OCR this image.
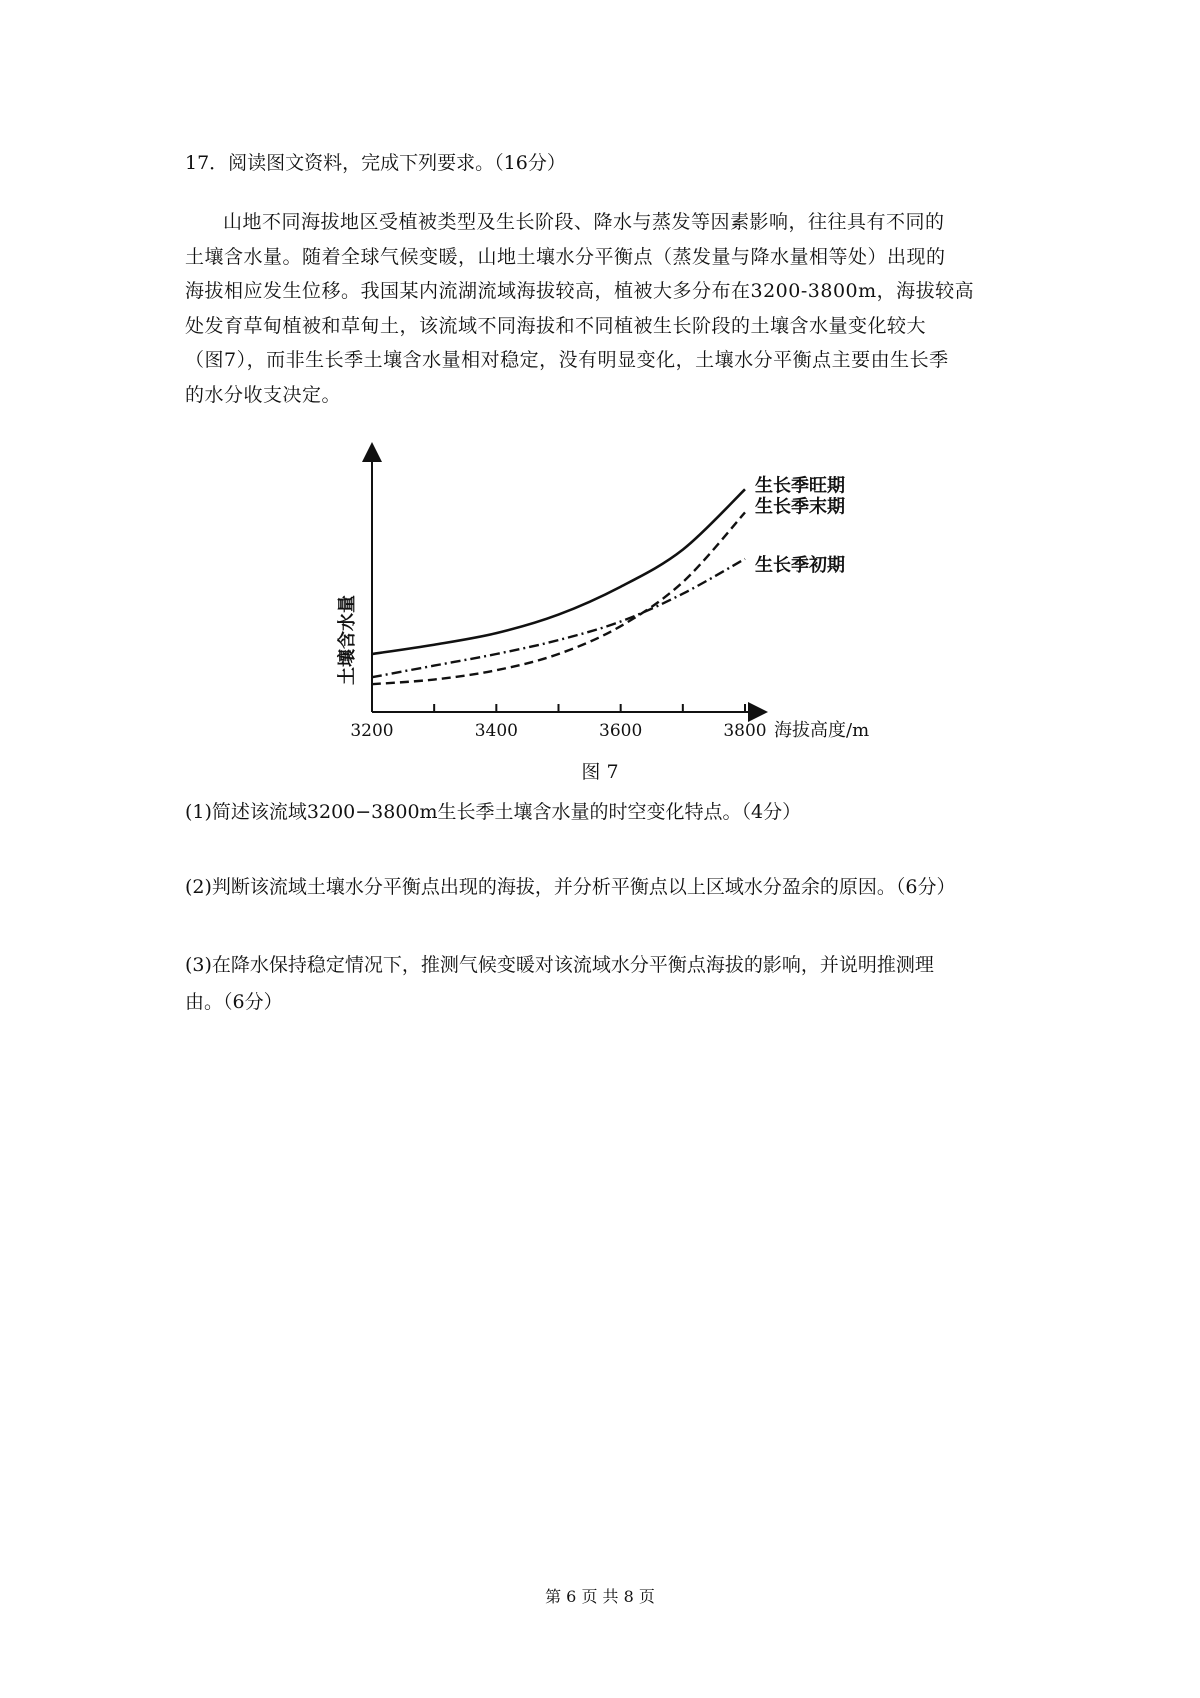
17．阅读图文资料，完成下列要求。（16分）
山地不同海拔地区受植被类型及生长阶段、降水与蒸发等因素影响，往往具有不同的
土壤含水量。随着全球气候变暖，山地土壤水分平衡点（蒸发量与降水量相等处）出现的
海拔相应发生位移。我国某内流湖流域海拔较高，植被大多分布在3200-3800m，海拔较高
处发育草甸植被和草甸土，该流域不同海拔和不同植被生长阶段的土壤含水量变化较大
（图7），而非生长季土壤含水量相对稳定，没有明显变化，土壤水分平衡点主要由生长季
的水分收支决定。
3200	3400	3600	3800
生长季旺期
生长季末期
生长季初期
海拔高度/m
土壤含水量
图 7
(1)简述该流域3200−3800m生长季土壤含水量的时空变化特点。（4分）
(2)判断该流域土壤水分平衡点出现的海拔，并分析平衡点以上区域水分盈余的原因。（6分）
(3)在降水保持稳定情况下，推测气候变暖对该流域水分平衡点海拔的影响，并说明推测理
由。（6分）
第 6 页 共 8 页
